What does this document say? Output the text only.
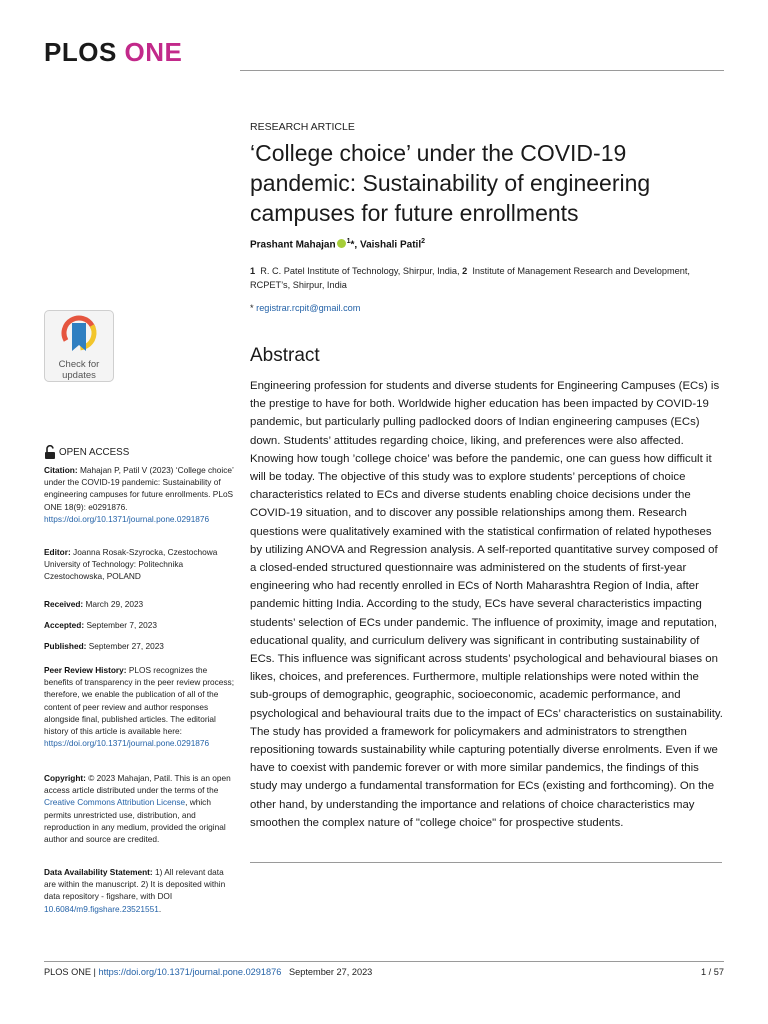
PLOS ONE
RESEARCH ARTICLE
‘College choice’ under the COVID-19 pandemic: Sustainability of engineering campuses for future enrollments
Prashant Mahajan $^1$*, Vaishali Patil$^2$
1 R. C. Patel Institute of Technology, Shirpur, India, 2 Institute of Management Research and Development, RCPET’s, Shirpur, India
* registrar.rcpit@gmail.com
Check for
updates
OPEN ACCESS
Citation: Mahajan P, Patil V (2023) ‘College choice’ under the COVID-19 pandemic: Sustainability of engineering campuses for future enrollments. PLoS ONE 18(9): e0291876. https://doi.org/10.1371/journal.pone.0291876
Editor: Joanna Rosak-Szyrocka, Czestochowa University of Technology: Politechnika Czestochowska, POLAND
Received: March 29, 2023
Accepted: September 7, 2023
Published: September 27, 2023
Peer Review History: PLOS recognizes the benefits of transparency in the peer review process; therefore, we enable the publication of all of the content of peer review and author responses alongside final, published articles. The editorial history of this article is available here: https://doi.org/10.1371/journal.pone.0291876
Copyright: © 2023 Mahajan, Patil. This is an open access article distributed under the terms of the Creative Commons Attribution License, which permits unrestricted use, distribution, and reproduction in any medium, provided the original author and source are credited.
Data Availability Statement: 1) All relevant data are within the manuscript. 2) It is deposited within data repository - figshare, with DOI 10.6084/m9.figshare.23521551.
Abstract
Engineering profession for students and diverse students for Engineering Campuses (ECs) is the prestige to have for both. Worldwide higher education has been impacted by COVID-19 pandemic, but particularly pulling padlocked doors of Indian engineering campuses (ECs) down. Students’ attitudes regarding choice, liking, and preferences were also affected. Knowing how tough ’college choice’ was before the pandemic, one can guess how difficult it will be today. The objective of this study was to explore students’ perceptions of choice characteristics related to ECs and diverse students enabling choice decisions under the COVID-19 situation, and to discover any possible relationships among them. Research questions were qualitatively examined with the statistical confirmation of related hypotheses by utilizing ANOVA and Regression analysis. A self-reported quantitative survey composed of a closed-ended structured questionnaire was administered on the students of first-year engineering who had recently enrolled in ECs of North Maharashtra Region of India, after pandemic hitting India. According to the study, ECs have several characteristics impacting students’ selection of ECs under pandemic. The influence of proximity, image and reputation, educational quality, and curriculum delivery was significant in contributing sustainability of ECs. This influence was significant across students’ psychological and behavioural biases on likes, choices, and preferences. Furthermore, multiple relationships were noted within the sub-groups of demographic, geographic, socioeconomic, academic performance, and psychological and behavioural traits due to the impact of ECs’ characteristics on sustainability. The study has provided a framework for policymakers and administrators to strengthen repositioning towards sustainability while capturing potentially diverse enrolments. Even if we have to coexist with pandemic forever or with more similar pandemics, the findings of this study may undergo a fundamental transformation for ECs (existing and forthcoming). On the other hand, by understanding the importance and relations of choice characteristics may smoothen the complex nature of "college choice" for prospective students.
PLOS ONE | https://doi.org/10.1371/journal.pone.0291876 September 27, 2023	1 / 57
